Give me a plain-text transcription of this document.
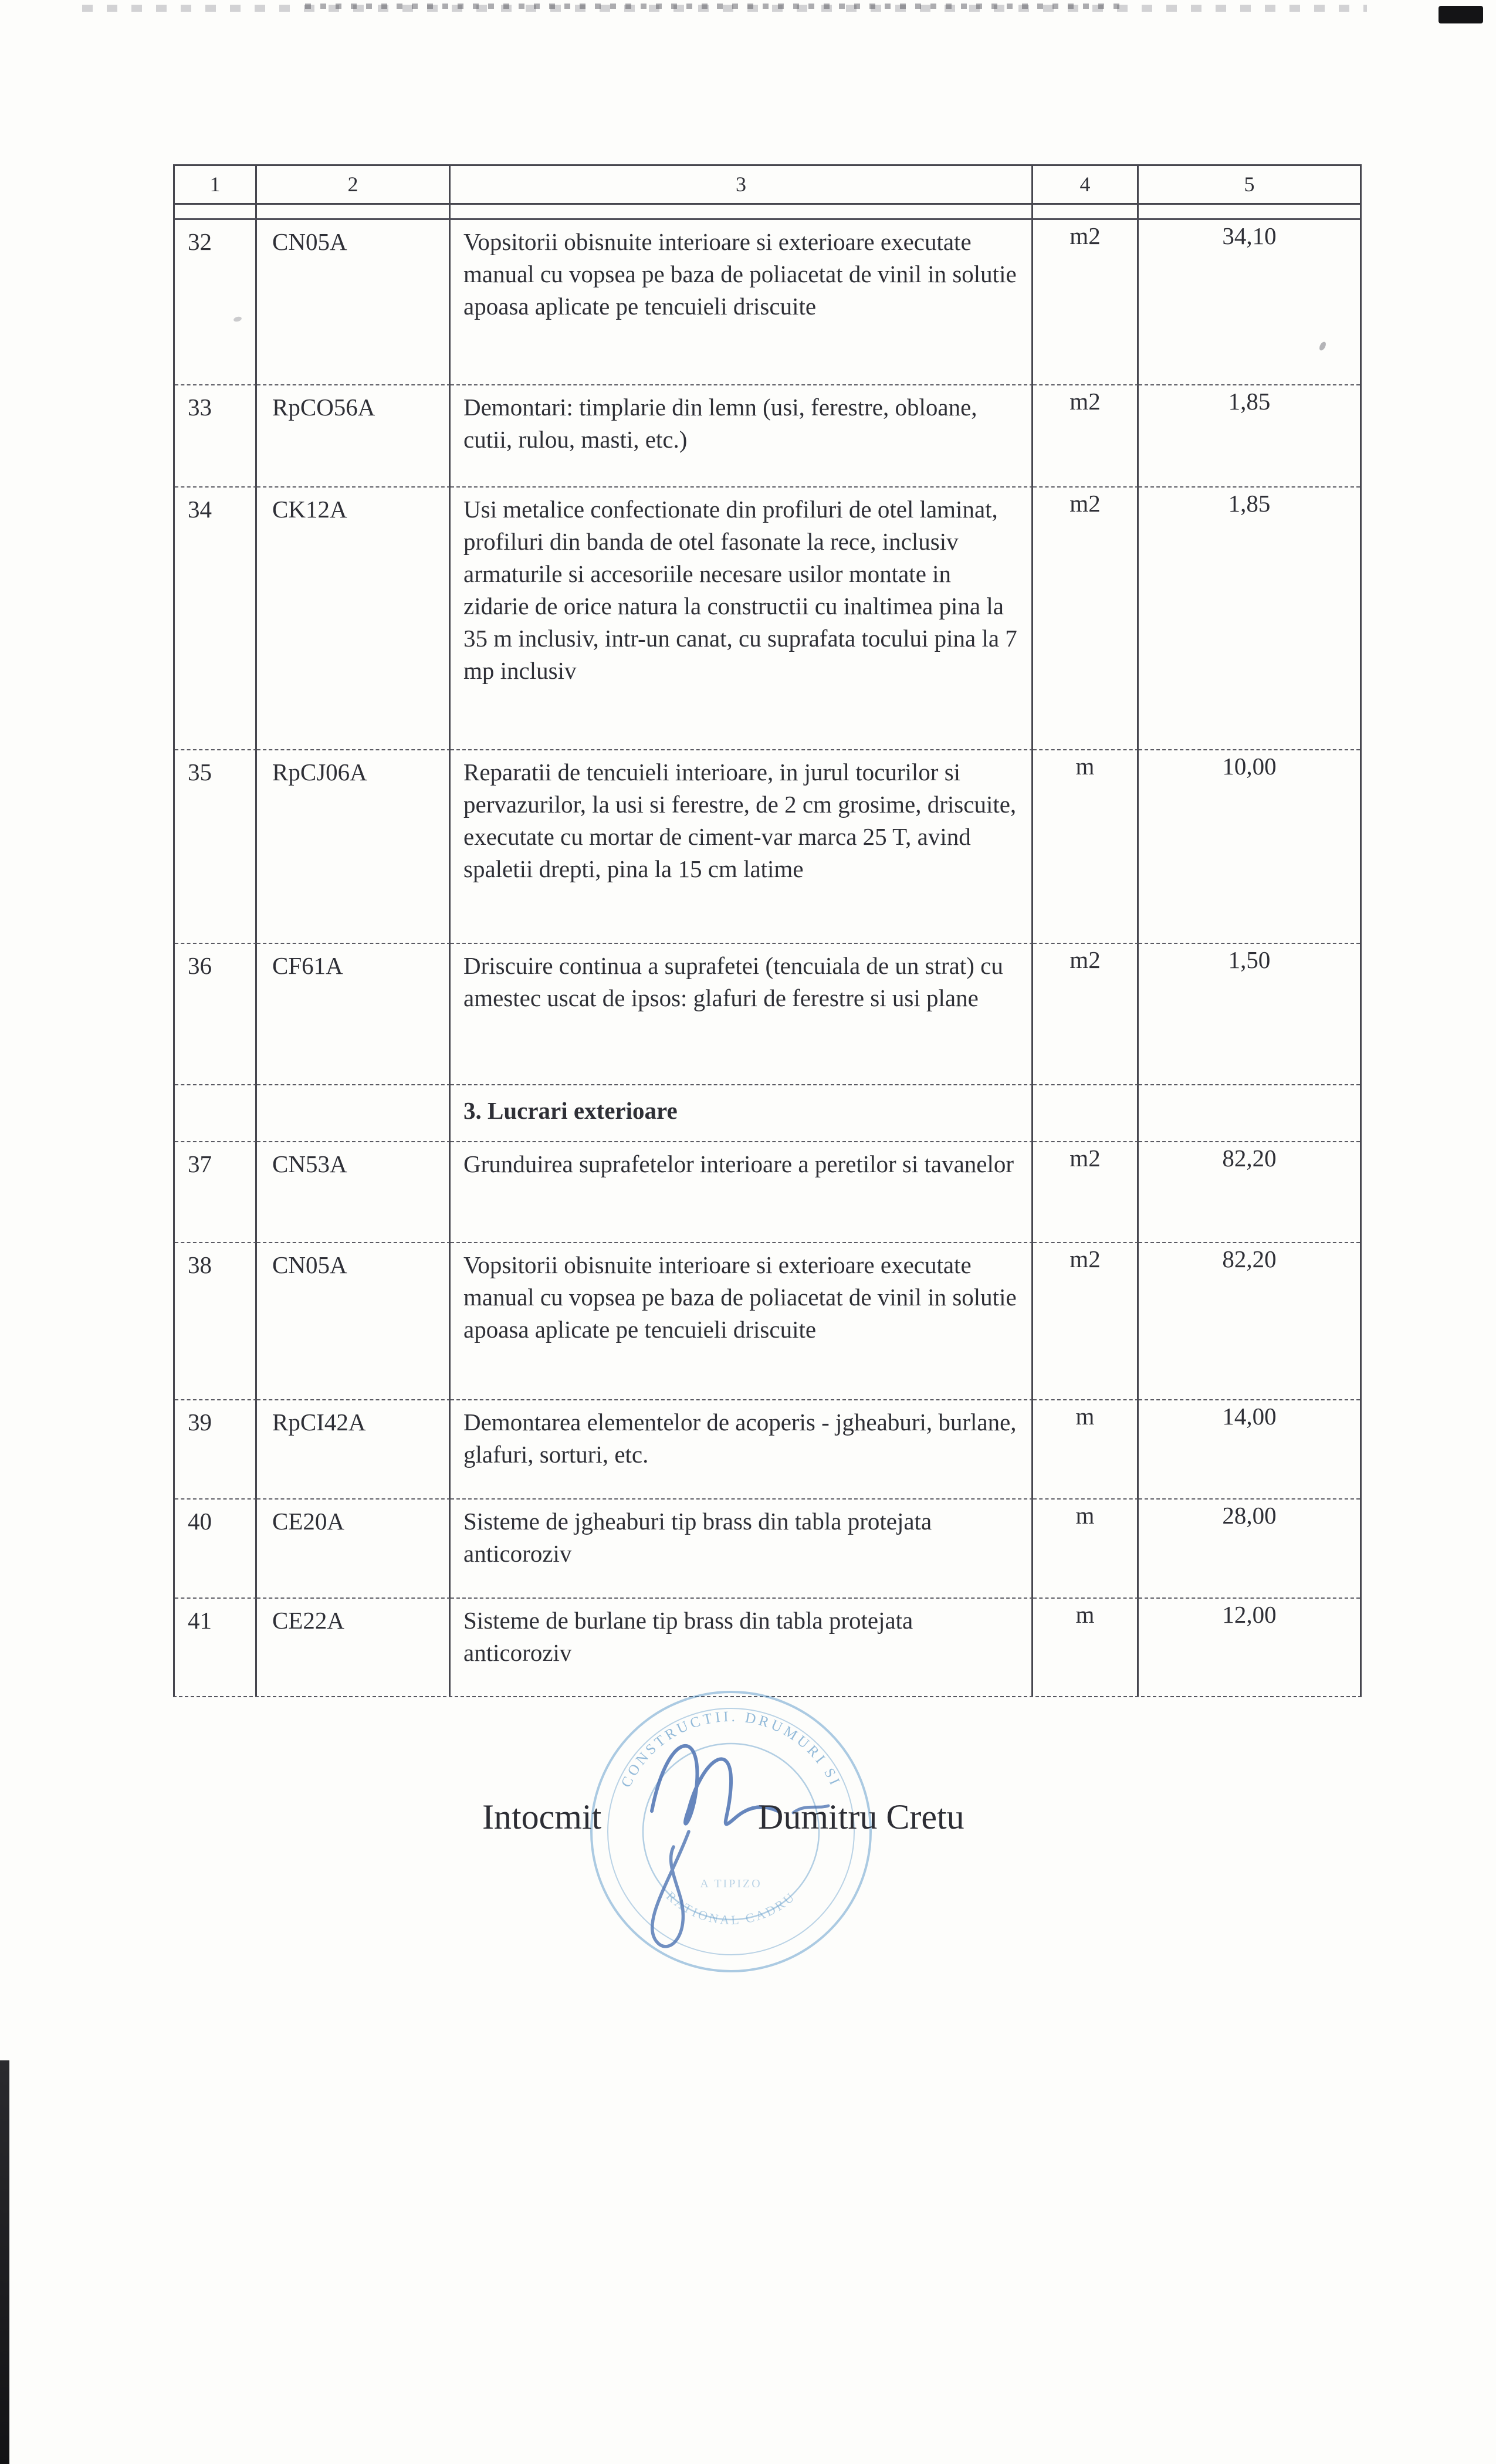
1	2	3	4	5

32	CN05A	Vopsitorii obisnuite interioare si exterioare executate manual cu vopsea pe baza de poliacetat de vinil in solutie apoasa aplicate pe tencuieli driscuite	m2	34,10
33	RpCO56A	Demontari: timplarie din lemn (usi, ferestre, obloane, cutii, rulou, masti, etc.)	m2	1,85
34	CK12A	Usi metalice confectionate din profiluri de otel laminat, profiluri din banda de otel fasonate la rece, inclusiv armaturile si accesoriile necesare usilor montate in zidarie de orice natura la constructii cu inaltimea pina la 35 m inclusiv, intr-un canat, cu suprafata tocului pina la 7 mp inclusiv	m2	1,85
35	RpCJ06A	Reparatii de tencuieli interioare, in jurul tocurilor si pervazurilor, la usi si ferestre, de 2 cm grosime, driscuite, executate cu mortar de ciment-var marca 25 T, avind spaletii drepti, pina la 15 cm latime	m	10,00
36	CF61A	Driscuire continua a suprafetei (tencuiala de un strat) cu amestec uscat de ipsos: glafuri de ferestre si usi plane	m2	1,50
		3. Lucrari exterioare		
37	CN53A	Grunduirea suprafetelor interioare a peretilor si tavanelor	m2	82,20
38	CN05A	Vopsitorii obisnuite interioare si exterioare executate manual cu vopsea pe baza de poliacetat de vinil in solutie apoasa aplicate pe tencuieli driscuite	m2	82,20
39	RpCI42A	Demontarea elementelor de acoperis - jgheaburi, burlane, glafuri, sorturi, etc.	m	14,00
40	CE20A	Sisteme de jgheaburi tip brass din tabla protejata anticoroziv	m	28,00
41	CE22A	Sisteme de burlane tip brass din tabla protejata anticoroziv	m	12,00
CONSTRUCTII. DRUMURI SI
RATIONAL CADRU
A TIPIZO
Intocmit	Dumitru Cretu
